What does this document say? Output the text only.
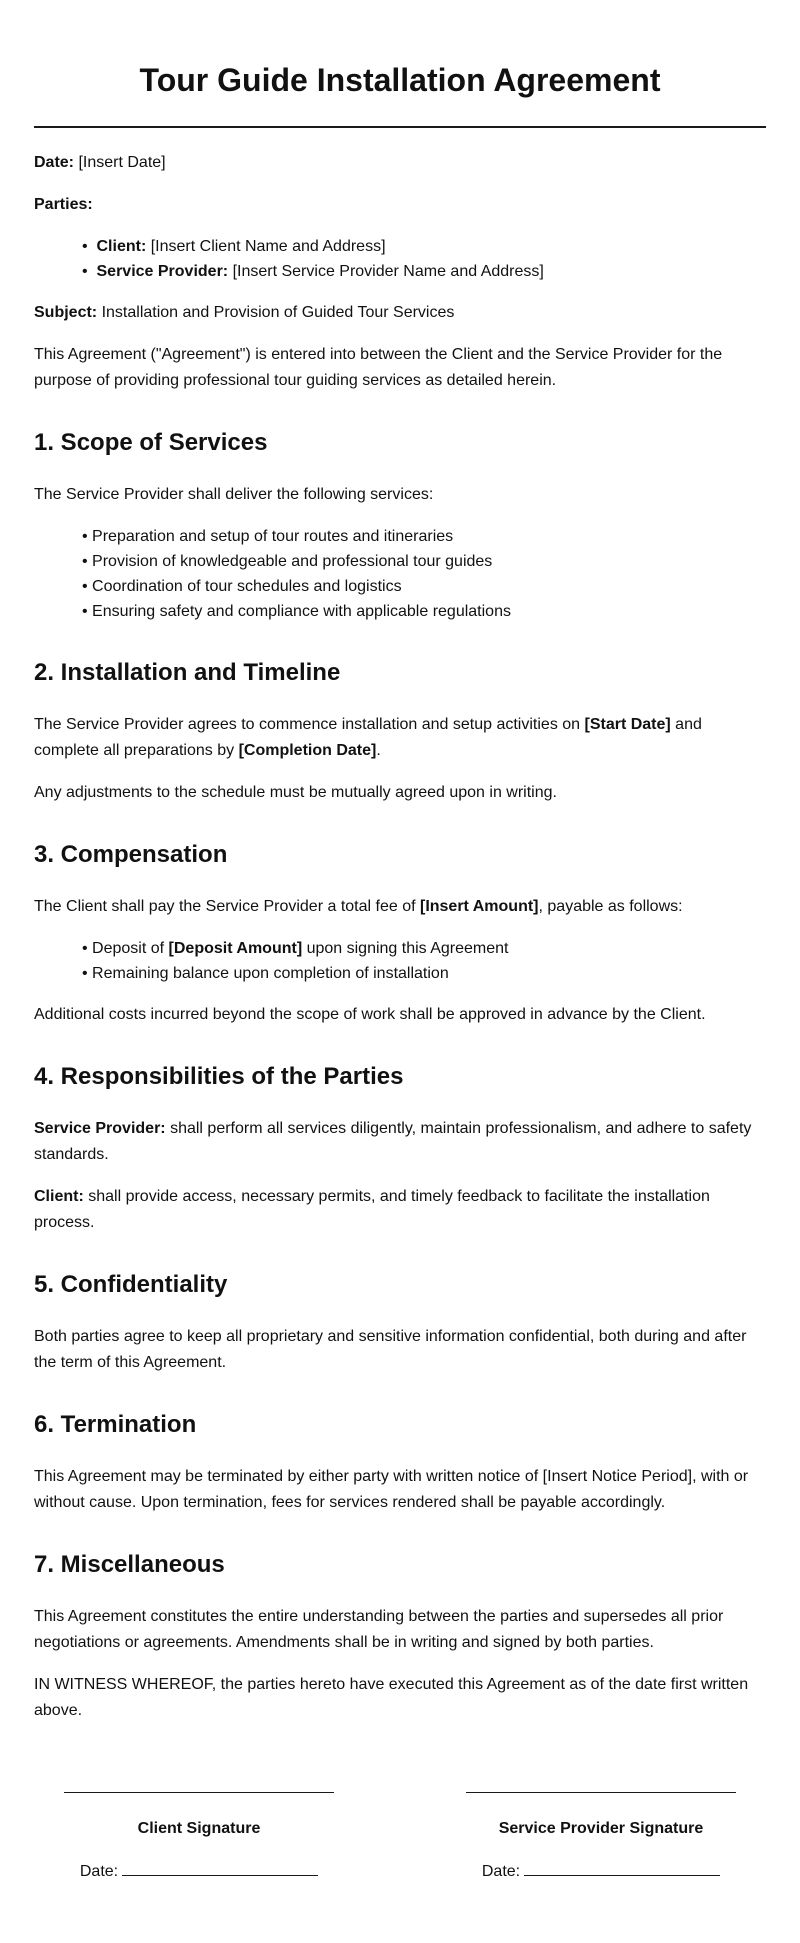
Tour Guide Installation Agreement

Date: [Insert Date]

Parties:

• Client: [Insert Client Name and Address]
• Service Provider: [Insert Service Provider Name and Address]

Subject: Installation and Provision of Guided Tour Services

This Agreement ("Agreement") is entered into between the Client and the Service Provider for the purpose of providing professional tour guiding services as detailed herein.

1. Scope of Services

The Service Provider shall deliver the following services:

• Preparation and setup of tour routes and itineraries
• Provision of knowledgeable and professional tour guides
• Coordination of tour schedules and logistics
• Ensuring safety and compliance with applicable regulations
2. Installation and Timeline

The Service Provider agrees to commence installation and setup activities on [Start Date] and complete all preparations by [Completion Date].

Any adjustments to the schedule must be mutually agreed upon in writing.

3. Compensation

The Client shall pay the Service Provider a total fee of [Insert Amount], payable as follows:

• Deposit of [Deposit Amount] upon signing this Agreement
• Remaining balance upon completion of installation

Additional costs incurred beyond the scope of work shall be approved in advance by the Client.

4. Responsibilities of the Parties

Service Provider: shall perform all services diligently, maintain professionalism, and adhere to safety standards.

Client: shall provide access, necessary permits, and timely feedback to facilitate the installation process.

5. Confidentiality

Both parties agree to keep all proprietary and sensitive information confidential, both during and after the term of this Agreement.

6. Termination

This Agreement may be terminated by either party with written notice of [Insert Notice Period], with or without cause. Upon termination, fees for services rendered shall be payable accordingly.

7. Miscellaneous

This Agreement constitutes the entire understanding between the parties and supersedes all prior negotiations or agreements. Amendments shall be in writing and signed by both parties.

IN WITNESS WHEREOF, the parties hereto have executed this Agreement as of the date first written above.

Client Signature
Date:
Service Provider Signature
Date:
